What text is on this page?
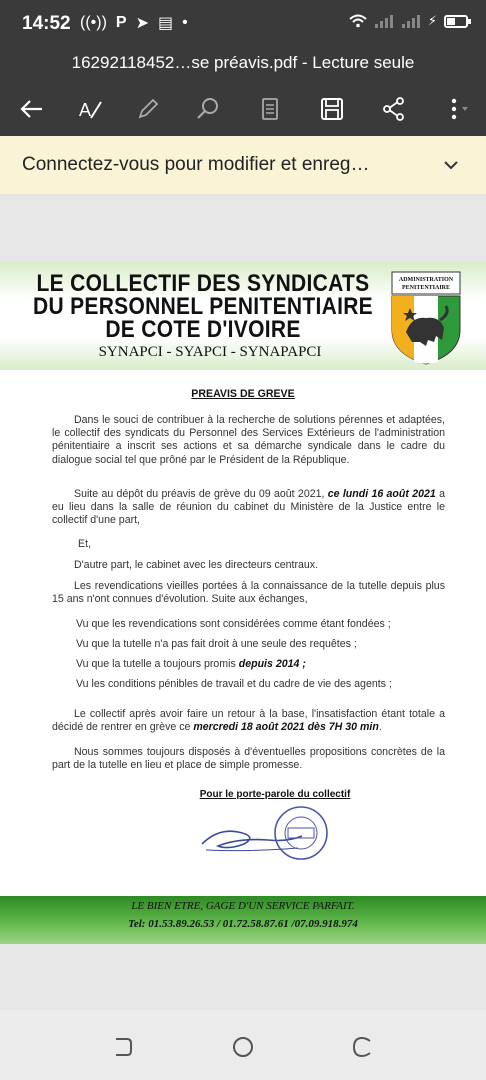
14:52 ((•)) P ➤ ▤ •	⚡
16292118452…se préavis.pdf - Lecture seule
A
Connectez-vous pour modifier et enreg…
LE COLLECTIF DES SYNDICATS
DU PERSONNEL PENITENTIAIRE
DE COTE D'IVOIRE
SYNAPCI - SYAPCI - SYNAPAPCI
ADMINISTRATION
PENITENTIAIRE
PREAVIS DE GREVE
Dans le souci de contribuer à la recherche de solutions pérennes et adaptées, le collectif des syndicats du Personnel des Services Extérieurs de l'administration pénitentiaire a inscrit ses actions et sa démarche syndicale dans le cadre du dialogue social tel que prôné par le Président de la République.
Suite au dépôt du préavis de grève du 09 août 2021, ce lundi 16 août 2021 a eu lieu dans la salle de réunion du cabinet du Ministère de la Justice entre le collectif d'une part,
Et,
D'autre part, le cabinet avec les directeurs centraux.
Les revendications vieilles portées à la connaissance de la tutelle depuis plus 15 ans n'ont connues d'évolution. Suite aux échanges,
Vu que les revendications sont considérées comme étant fondées ;
Vu que la tutelle n'a pas fait droit à une seule des requêtes ;
Vu que la tutelle a toujours promis depuis 2014 ;
Vu les conditions pénibles de travail et du cadre de vie des agents ;
Le collectif après avoir faire un retour à la base, l'insatisfaction étant totale a décidé de rentrer en grève ce mercredi 18 août 2021 dès 7H 30 min.
Nous sommes toujours disposés à d'éventuelles propositions concrètes de la part de la tutelle en lieu et place de simple promesse.
Pour le porte-parole du collectif
LE BIEN ETRE, GAGE D'UN SERVICE PARFAIT.
Tel: 01.53.89.26.53 / 01.72.58.87.61 /07.09.918.974
